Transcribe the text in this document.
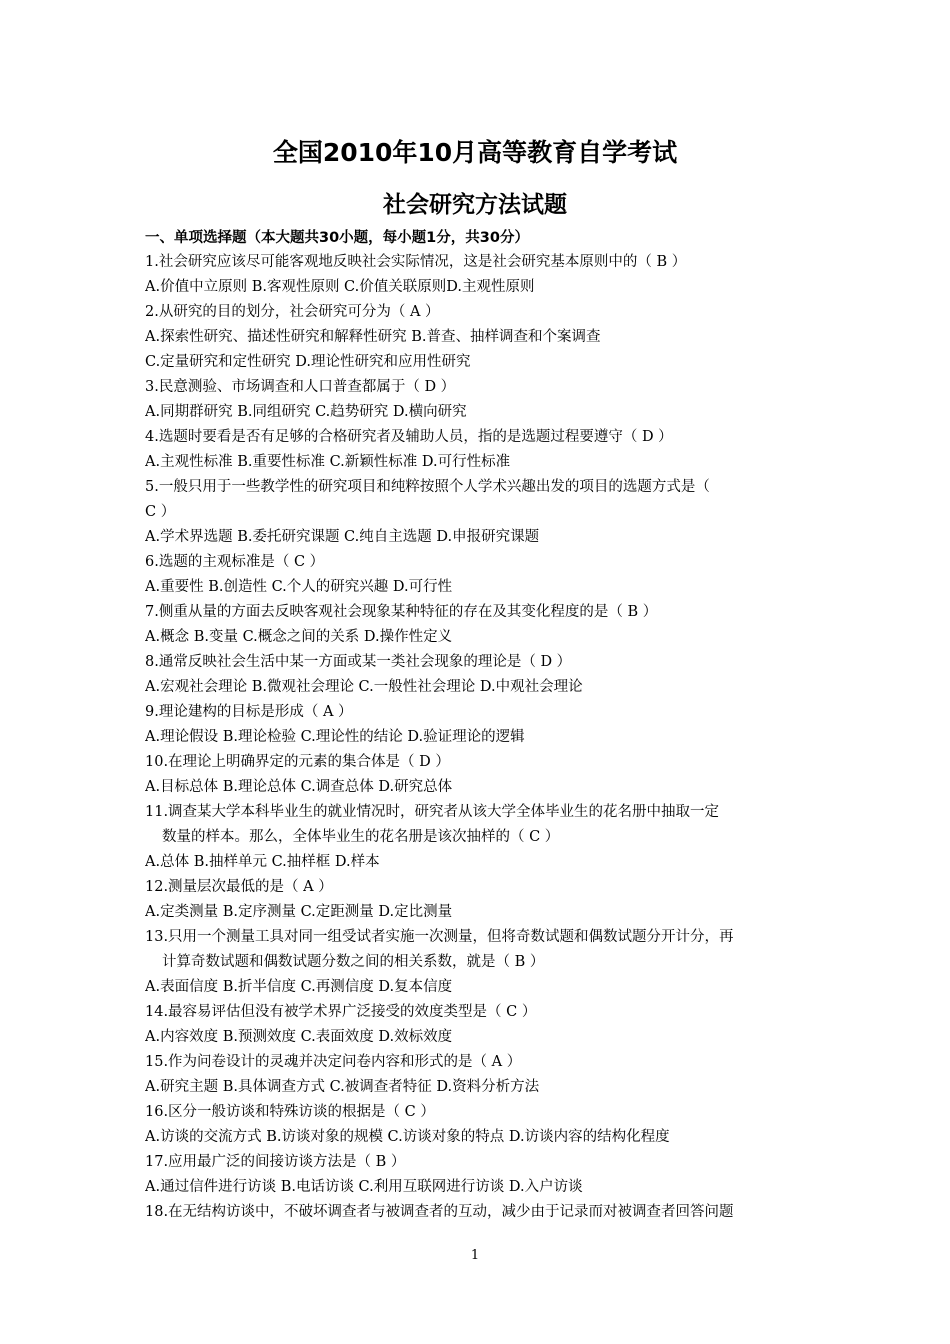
全国2010年10月高等教育自学考试
社会研究方法试题
一、单项选择题（本大题共30小题，每小题1分，共30分）
1.社会研究应该尽可能客观地反映社会实际情况，这是社会研究基本原则中的（ B ）
A.价值中立原则 B.客观性原则 C.价值关联原则D.主观性原则
2.从研究的目的划分，社会研究可分为（ A ）
A.探索性研究、描述性研究和解释性研究 B.普查、抽样调查和个案调查
C.定量研究和定性研究 D.理论性研究和应用性研究
3.民意测验、市场调查和人口普查都属于（ D ）
A.同期群研究 B.同组研究 C.趋势研究 D.横向研究
4.选题时要看是否有足够的合格研究者及辅助人员，指的是选题过程要遵守（ D ）
A.主观性标准 B.重要性标准 C.新颖性标准 D.可行性标准
5.一般只用于一些教学性的研究项目和纯粹按照个人学术兴趣出发的项目的选题方式是（
C ）
A.学术界选题 B.委托研究课题 C.纯自主选题 D.申报研究课题
6.选题的主观标准是（ C ）
A.重要性 B.创造性 C.个人的研究兴趣 D.可行性
7.侧重从量的方面去反映客观社会现象某种特征的存在及其变化程度的是（ B ）
A.概念 B.变量 C.概念之间的关系 D.操作性定义
8.通常反映社会生活中某一方面或某一类社会现象的理论是（ D ）
A.宏观社会理论 B.微观社会理论 C.一般性社会理论 D.中观社会理论
9.理论建构的目标是形成（ A ）
A.理论假设 B.理论检验 C.理论性的结论 D.验证理论的逻辑
10.在理论上明确界定的元素的集合体是（ D ）
A.目标总体 B.理论总体 C.调查总体 D.研究总体
11.调查某大学本科毕业生的就业情况时，研究者从该大学全体毕业生的花名册中抽取一定
数量的样本。那么，全体毕业生的花名册是该次抽样的（ C ）
A.总体 B.抽样单元 C.抽样框 D.样本
12.测量层次最低的是（ A ）
A.定类测量 B.定序测量 C.定距测量 D.定比测量
13.只用一个测量工具对同一组受试者实施一次测量，但将奇数试题和偶数试题分开计分，再
计算奇数试题和偶数试题分数之间的相关系数，就是（ B ）
A.表面信度 B.折半信度 C.再测信度 D.复本信度
14.最容易评估但没有被学术界广泛接受的效度类型是（ C ）
A.内容效度 B.预测效度 C.表面效度 D.效标效度
15.作为问卷设计的灵魂并决定问卷内容和形式的是（ A ）
A.研究主题 B.具体调查方式 C.被调查者特征 D.资料分析方法
16.区分一般访谈和特殊访谈的根据是（ C ）
A.访谈的交流方式 B.访谈对象的规模 C.访谈对象的特点 D.访谈内容的结构化程度
17.应用最广泛的间接访谈方法是（ B ）
A.通过信件进行访谈 B.电话访谈 C.利用互联网进行访谈 D.入户访谈
18.在无结构访谈中，不破坏调查者与被调查者的互动，减少由于记录而对被调查者回答问题
1
